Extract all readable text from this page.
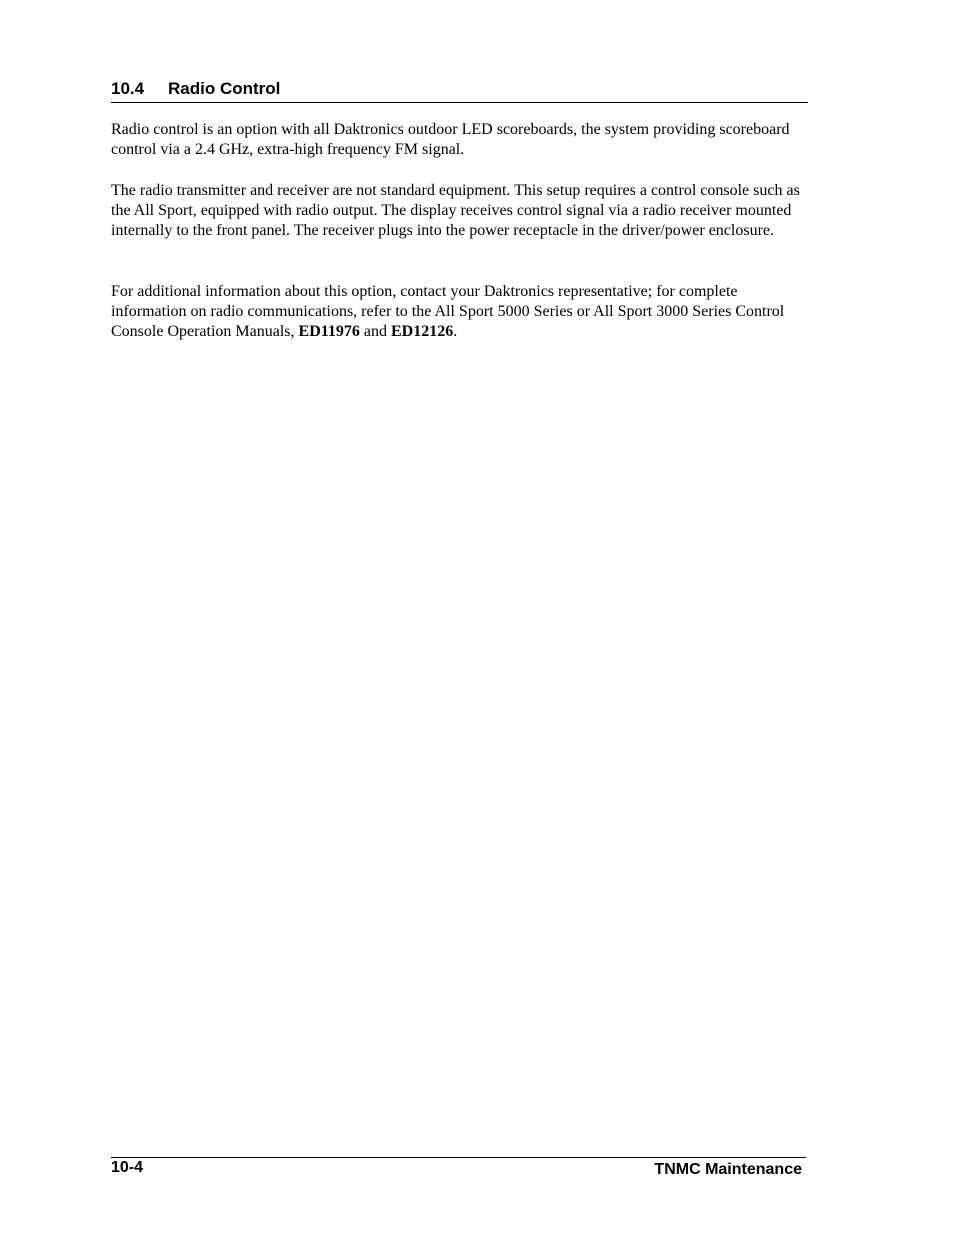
10.4 Radio Control

Radio control is an option with all Daktronics outdoor LED scoreboards, the system providing scoreboard control via a 2.4 GHz, extra-high frequency FM signal.

The radio transmitter and receiver are not standard equipment. This setup requires a control console such as the All Sport, equipped with radio output. The display receives control signal via a radio receiver mounted internally to the front panel. The receiver plugs into the power receptacle in the driver/power enclosure.

For additional information about this option, contact your Daktronics representative; for complete information on radio communications, refer to the All Sport 5000 Series or All Sport 3000 Series Control Console Operation Manuals, ED11976 and ED12126.

10-4	TNMC Maintenance
